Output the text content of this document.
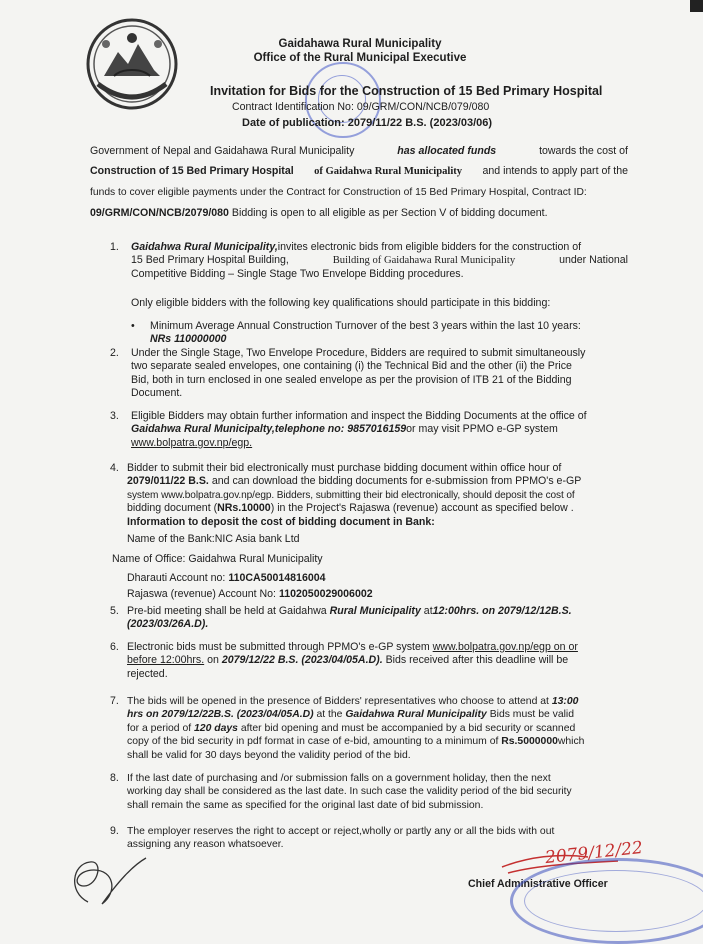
Gaidahawa Rural Municipality
Office of the Rural Municipal Executive
Invitation for Bids for the Construction of 15 Bed Primary Hospital
Contract Identification No: 09/GRM/CON/NCB/079/080
Date of publication: 2079/11/22 B.S. (2023/03/06)
Government of Nepal and Gaidahawa Rural Municipality	has allocated funds	towards the cost of
Construction of 15 Bed Primary Hospital of Gaidahwa Rural Municipality and intends to apply part of the
funds to cover eligible payments under the Contract for Construction of 15 Bed Primary Hospital, Contract ID:
09/GRM/CON/NCB/2079/080 Bidding is open to all eligible as per Section V of bidding document.
1. Gaidahwa Rural Municipality,invites electronic bids from eligible bidders for the construction of
15 Bed Primary Hospital Building,	Building of Gaidahawa Rural Municipality	under National
Competitive Bidding – Single Stage Two Envelope Bidding procedures.
Only eligible bidders with the following key qualifications should participate in this bidding:
• Minimum Average Annual Construction Turnover of the best 3 years within the last 10 years:
NRs 110000000
2. Under the Single Stage, Two Envelope Procedure, Bidders are required to submit simultaneously
two separate sealed envelopes, one containing (i) the Technical Bid and the other (ii) the Price
Bid, both in turn enclosed in one sealed envelope as per the provision of ITB 21 of the Bidding
Document.
3. Eligible Bidders may obtain further information and inspect the Bidding Documents at the office of
Gaidahwa Rural Municipalty,telephone no: 9857016159or may visit PPMO e-GP system
www.bolpatra.gov.np/egp.
4. Bidder to submit their bid electronically must purchase bidding document within office hour of
2079/011/22 B.S. and can download the bidding documents for e-submission from PPMO's e-GP
system www.bolpatra.gov.np/egp. Bidders, submitting their bid electronically, should deposit the cost of
bidding document (NRs.10000) in the Project's Rajaswa (revenue) account as specified below .
Information to deposit the cost of bidding document in Bank:
Name of the Bank:NIC Asia bank Ltd
Name of Office: Gaidahwa Rural Municipality
Dharauti Account no: 110CA50014816004
Rajaswa (revenue) Account No: 1102050029006002
5. Pre-bid meeting shall be held at Gaidahwa Rural Municipality at12:00hrs. on 2079/12/12B.S.
(2023/03/26A.D).
6. Electronic bids must be submitted through PPMO's e-GP system www.bolpatra.gov.np/egp on or
before 12:00hrs. on 2079/12/22 B.S. (2023/04/05A.D). Bids received after this deadline will be
rejected.
7. The bids will be opened in the presence of Bidders' representatives who choose to attend at 13:00
hrs on 2079/12/22B.S. (2023/04/05A.D) at the Gaidahwa Rural Municipality Bids must be valid
for a period of 120 days after bid opening and must be accompanied by a bid security or scanned
copy of the bid security in pdf format in case of e-bid, amounting to a minimum of Rs.5000000which
shall be valid for 30 days beyond the validity period of the bid.
8. If the last date of purchasing and /or submission falls on a government holiday, then the next
working day shall be considered as the last date. In such case the validity period of the bid security
shall remain the same as specified for the original last date of bid submission.
9. The employer reserves the right to accept or reject,wholly or partly any or all the bids with out
assigning any reason whatsoever.	2079/12/22
Chief Administrative Officer
